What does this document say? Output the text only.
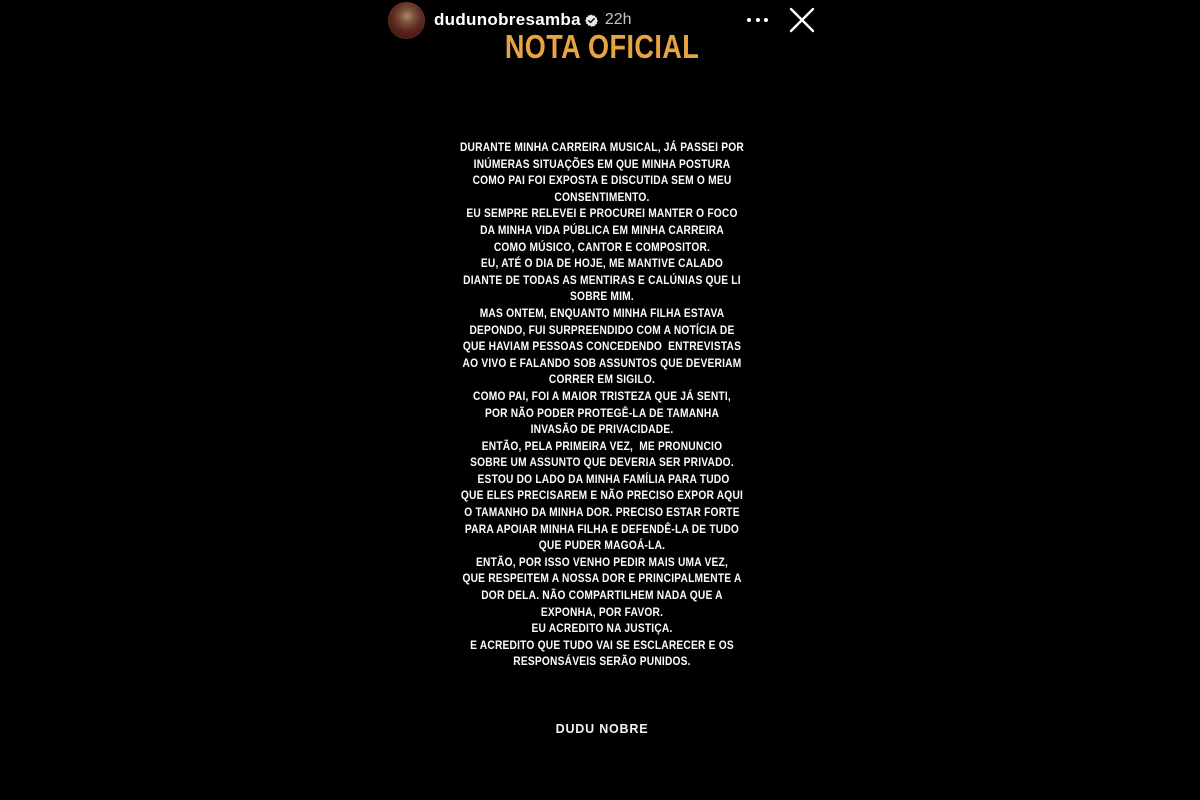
dudunobresamba 22h
NOTA OFICIAL
DURANTE MINHA CARREIRA MUSICAL, JÁ PASSEI POR
INÚMERAS SITUAÇÕES EM QUE MINHA POSTURA
COMO PAI FOI EXPOSTA E DISCUTIDA SEM O MEU
CONSENTIMENTO.
EU SEMPRE RELEVEI E PROCUREI MANTER O FOCO
DA MINHA VIDA PÚBLICA EM MINHA CARREIRA
COMO MÚSICO, CANTOR E COMPOSITOR.
EU, ATÉ O DIA DE HOJE, ME MANTIVE CALADO
DIANTE DE TODAS AS MENTIRAS E CALÚNIAS QUE LI
SOBRE MIM.
MAS ONTEM, ENQUANTO MINHA FILHA ESTAVA
DEPONDO, FUI SURPREENDIDO COM A NOTÍCIA DE
QUE HAVIAM PESSOAS CONCEDENDO  ENTREVISTAS
AO VIVO E FALANDO SOB ASSUNTOS QUE DEVERIAM
CORRER EM SIGILO.
COMO PAI, FOI A MAIOR TRISTEZA QUE JÁ SENTI,
POR NÃO PODER PROTEGÊ-LA DE TAMANHA
INVASÃO DE PRIVACIDADE.
ENTÃO, PELA PRIMEIRA VEZ,  ME PRONUNCIO
SOBRE UM ASSUNTO QUE DEVERIA SER PRIVADO.
ESTOU DO LADO DA MINHA FAMÍLIA PARA TUDO
QUE ELES PRECISAREM E NÃO PRECISO EXPOR AQUI
O TAMANHO DA MINHA DOR. PRECISO ESTAR FORTE
PARA APOIAR MINHA FILHA E DEFENDÊ-LA DE TUDO
QUE PUDER MAGOÁ-LA.
ENTÃO, POR ISSO VENHO PEDIR MAIS UMA VEZ,
QUE RESPEITEM A NOSSA DOR E PRINCIPALMENTE A
DOR DELA. NÃO COMPARTILHEM NADA QUE A
EXPONHA, POR FAVOR.
EU ACREDITO NA JUSTIÇA.
E ACREDITO QUE TUDO VAI SE ESCLARECER E OS
RESPONSÁVEIS SERÃO PUNIDOS.
DUDU NOBRE
